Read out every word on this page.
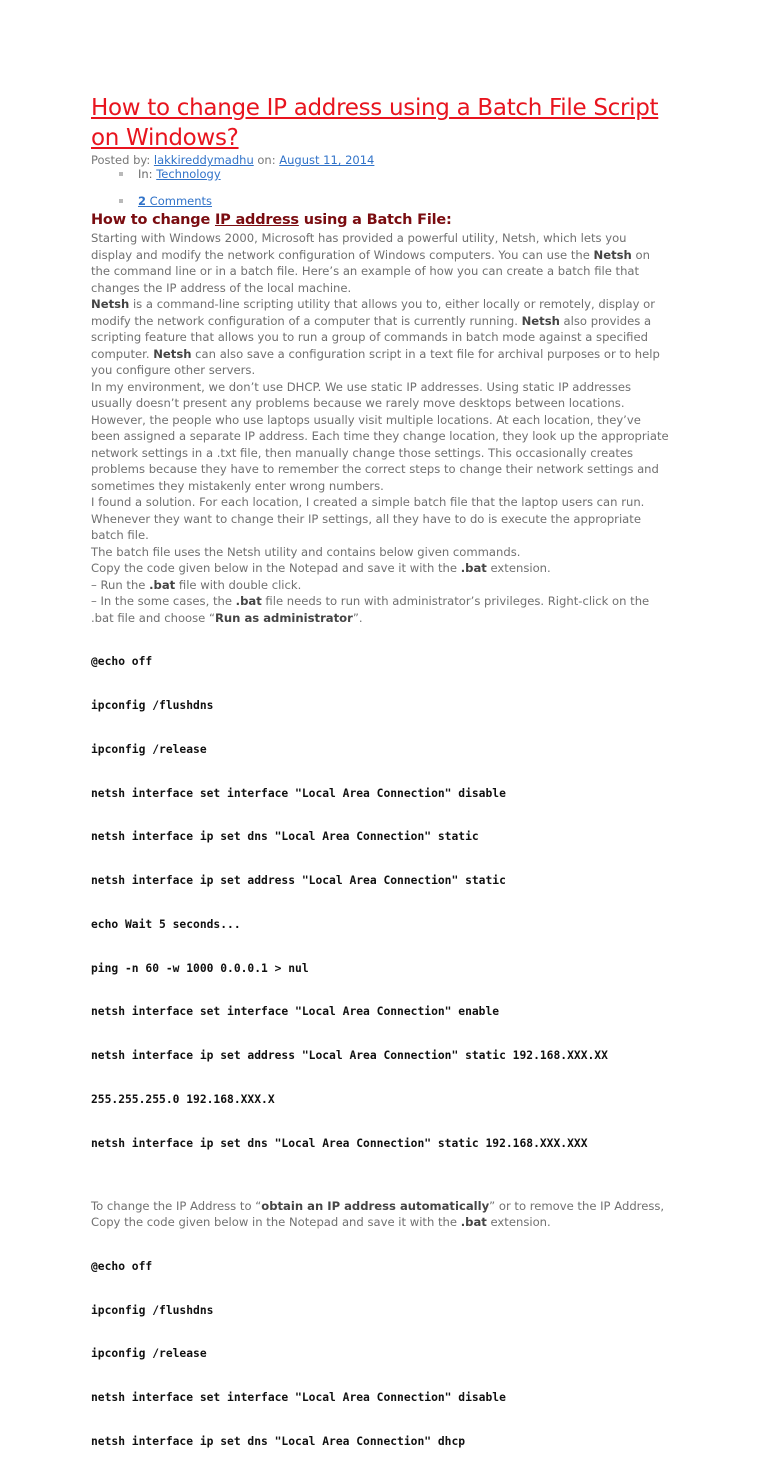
How to change IP address using a Batch File Script on Windows?
Posted by: lakkireddymadhu on: August 11, 2014
In: Technology
2 Comments
How to change IP address using a Batch File:

Starting with Windows 2000, Microsoft has provided a powerful utility, Netsh, which lets you display and modify the network configuration of Windows computers. You can use the Netsh on the command line or in a batch file. Here’s an example of how you can create a batch file that changes the IP address of the local machine.

Netsh is a command-line scripting utility that allows you to, either locally or remotely, display or modify the network configuration of a computer that is currently running. Netsh also provides a scripting feature that allows you to run a group of commands in batch mode against a specified computer. Netsh can also save a configuration script in a text file for archival purposes or to help you configure other servers.

In my environment, we don’t use DHCP. We use static IP addresses. Using static IP addresses usually doesn’t present any problems because we rarely move desktops between locations. However, the people who use laptops usually visit multiple locations. At each location, they’ve been assigned a separate IP address. Each time they change location, they look up the appropriate network settings in a .txt file, then manually change those settings. This occasionally creates problems because they have to remember the correct steps to change their network settings and sometimes they mistakenly enter wrong numbers.

I found a solution. For each location, I created a simple batch file that the laptop users can run. Whenever they want to change their IP settings, all they have to do is execute the appropriate batch file.

The batch file uses the Netsh utility and contains below given commands.

Copy the code given below in the Notepad and save it with the .bat extension.

– Run the .bat file with double click.

– In the some cases, the .bat file needs to run with administrator’s privileges. Right-click on the .bat file and choose “Run as administrator”.

@echo off

ipconfig /flushdns

ipconfig /release

netsh interface set interface "Local Area Connection" disable

netsh interface ip set dns "Local Area Connection" static

netsh interface ip set address "Local Area Connection" static

echo Wait 5 seconds...

ping -n 60 -w 1000 0.0.0.1 > nul

netsh interface set interface "Local Area Connection" enable

netsh interface ip set address "Local Area Connection" static 192.168.XXX.XX

255.255.255.0 192.168.XXX.X

netsh interface ip set dns "Local Area Connection" static 192.168.XXX.XXX

To change the IP Address to “obtain an IP address automatically” or to remove the IP Address, Copy the code given below in the Notepad and save it with the .bat extension.

@echo off

ipconfig /flushdns

ipconfig /release

netsh interface set interface "Local Area Connection" disable

netsh interface ip set dns "Local Area Connection" dhcp
